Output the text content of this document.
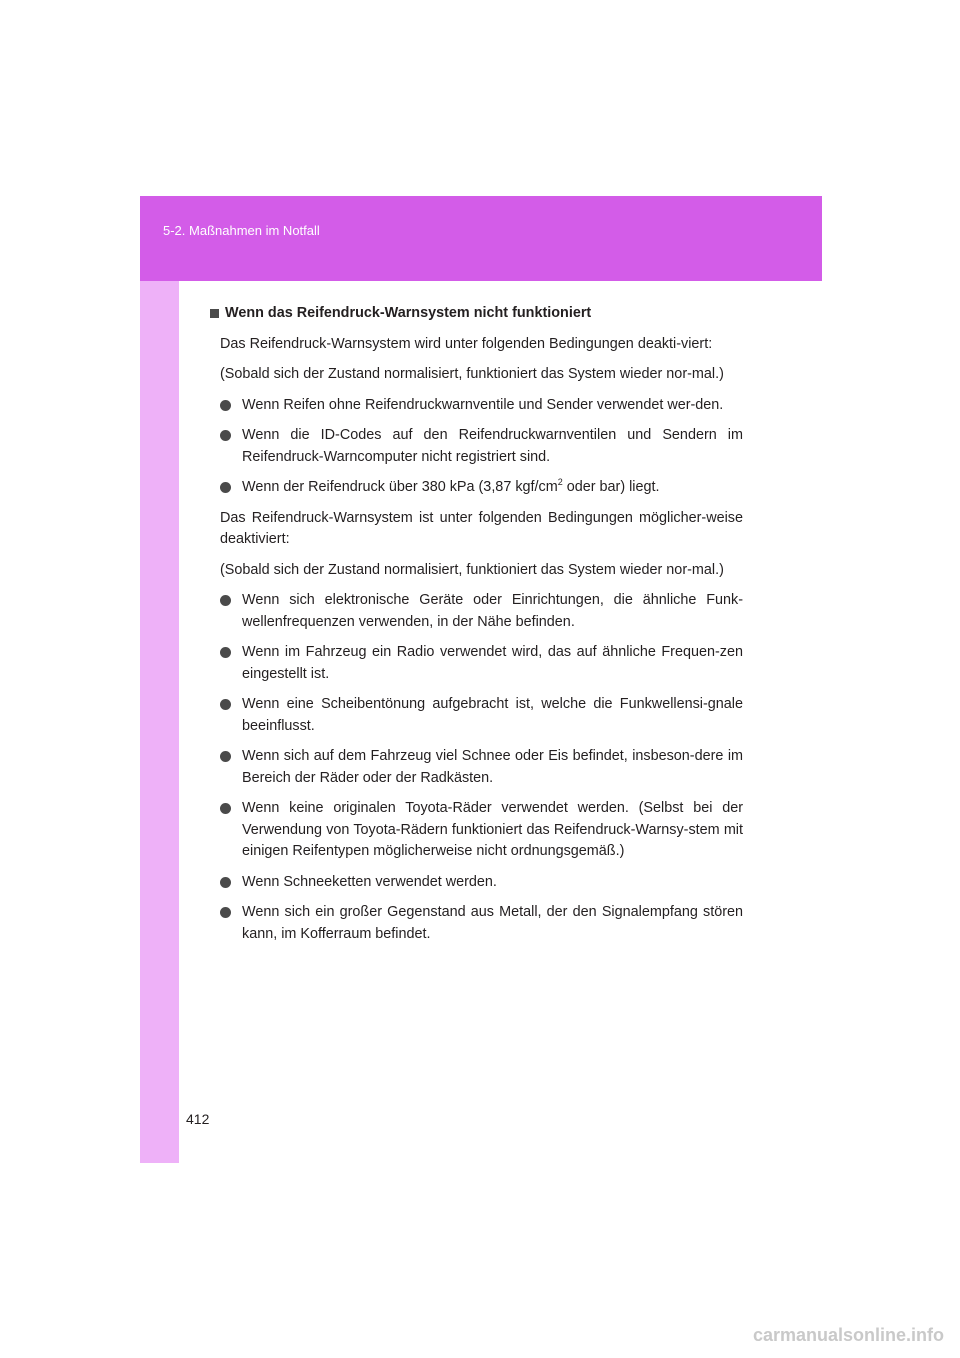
5-2. Maßnahmen im Notfall
Wenn das Reifendruck-Warnsystem nicht funktioniert

Das Reifendruck-Warnsystem wird unter folgenden Bedingungen deakti-viert:

(Sobald sich der Zustand normalisiert, funktioniert das System wieder nor-mal.)

Wenn Reifen ohne Reifendruckwarnventile und Sender verwendet wer-den.
Wenn die ID-Codes auf den Reifendruckwarnventilen und Sendern im Reifendruck-Warncomputer nicht registriert sind.
Wenn der Reifendruck über 380 kPa (3,87 kgf/$cm^2$ oder bar) liegt.

Das Reifendruck-Warnsystem ist unter folgenden Bedingungen möglicher-weise deaktiviert:

(Sobald sich der Zustand normalisiert, funktioniert das System wieder nor-mal.)

Wenn sich elektronische Geräte oder Einrichtungen, die ähnliche Funk-wellenfrequenzen verwenden, in der Nähe befinden.
Wenn im Fahrzeug ein Radio verwendet wird, das auf ähnliche Frequen-zen eingestellt ist.
Wenn eine Scheibentönung aufgebracht ist, welche die Funkwellensi-gnale beeinflusst.
Wenn sich auf dem Fahrzeug viel Schnee oder Eis befindet, insbeson-dere im Bereich der Räder oder der Radkästen.
Wenn keine originalen Toyota-Räder verwendet werden. (Selbst bei der Verwendung von Toyota-Rädern funktioniert das Reifendruck-Warnsy-stem mit einigen Reifentypen möglicherweise nicht ordnungsgemäß.)
Wenn Schneeketten verwendet werden.
Wenn sich ein großer Gegenstand aus Metall, der den Signalempfang stören kann, im Kofferraum befindet.
412
carmanualsonline.info
